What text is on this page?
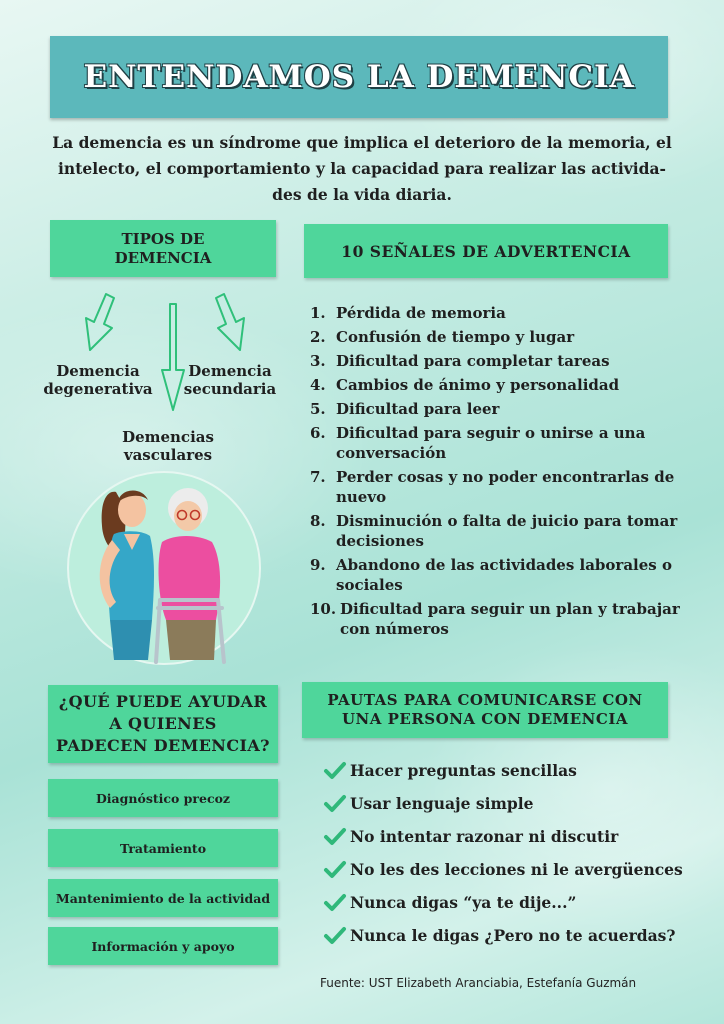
ENTENDAMOS LA DEMENCIA
La demencia es un síndrome que implica el deterioro de la memoria, el intelecto, el comportamiento y la capacidad para realizar las activida- des de la vida diaria.
TIPOS DE
DEMENCIA
Demencia
degenerativa
Demencia
secundaria
Demencias
vasculares
10 SEÑALES DE ADVERTENCIA
1. Pérdida de memoria
2. Confusión de tiempo y lugar
3. Dificultad para completar tareas
4. Cambios de ánimo y personalidad
5. Dificultad para leer
6. Dificultad para seguir o unirse a una conversación
7. Perder cosas y no poder encontrarlas de nuevo
8. Disminución o falta de juicio para tomar decisiones
9. Abandono de las actividades laborales o sociales
10. Dificultad para seguir un plan y trabajar con números
¿QUÉ PUEDE AYUDAR
A QUIENES
PADECEN DEMENCIA?
Diagnóstico precoz
Tratamiento
Mantenimiento de la actividad
Información y apoyo
PAUTAS PARA COMUNICARSE CON
UNA PERSONA CON DEMENCIA
Hacer preguntas sencillas
Usar lenguaje simple
No intentar razonar ni discutir
No les des lecciones ni le avergüences
Nunca digas “ya te dije...”
Nunca le digas ¿Pero no te acuerdas?
Fuente: UST Elizabeth Aranciabia, Estefanía Guzmán
